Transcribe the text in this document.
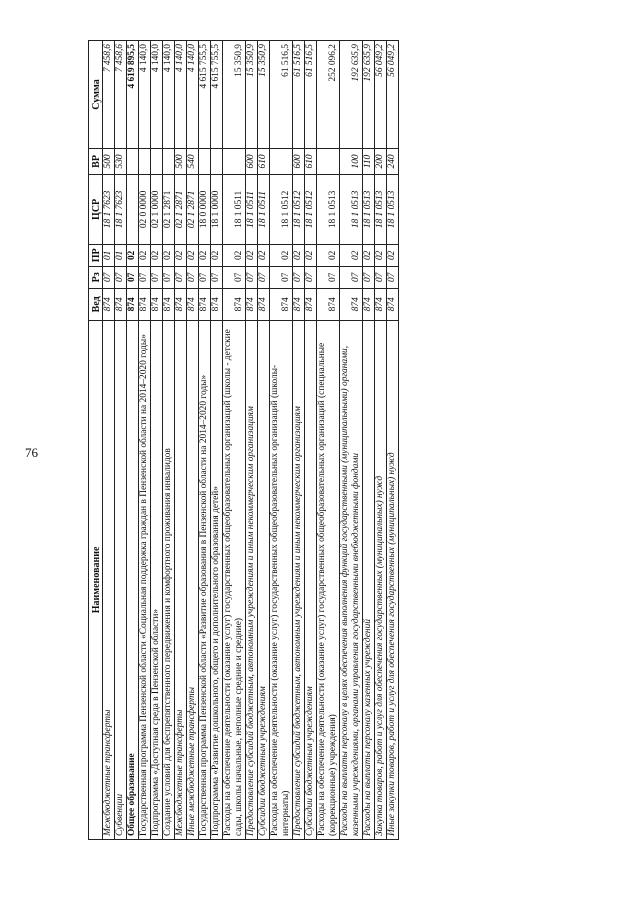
76
Наименование	Вед	Рз	ПР	ЦСР	ВР	Сумма
Межбюджетные трансферты	874	07	01	18 1 7623	500	7 458,6
Субвенции	874	07	01	18 1 7623	530	7 458,6
Общее образование	874	07	02			4 619 895,5
Государственная программа Пензенской области «Социальная поддержка граждан в Пензенской области на 2014–2020 годы»	874	07	02	02 0 0000		4 140,0
Подпрограмма «Доступная среда в Пензенской области»	874	07	02	02 1 0000		4 140,0
Создание условий для беспрепятственного передвижения и комфортного проживания инвалидов	874	07	02	02 1 2871		4 140,0
Межбюджетные трансферты	874	07	02	02 1 2871	500	4 140,0
Иные межбюджетные трансферты	874	07	02	02 1 2871	540	4 140,0
Государственная программа Пензенской области «Развитие образования в Пензенской области на 2014–2020 годы»	874	07	02	18 0 0000		4 615 755,5
Подпрограмма «Развитие дошкольного, общего и дополнительного образования детей»	874	07	02	18 1 0000		4 615 755,5
Расходы на обеспечение деятельности (оказание услуг) государственных общеобразовательных организаций (школы - детские сады, школы начальные, неполные средние и средние)	874	07	02	18 1 0511		15 350,9
Предоставление субсидий бюджетным, автономным учреждениям и иным некоммерческим организациям	874	07	02	18 1 0511	600	15 350,9
Субсидии бюджетным учреждениям	874	07	02	18 1 0511	610	15 350,9
Расходы на обеспечение деятельности (оказание услуг) государственных общеобразовательных организаций (школы-интернаты)	874	07	02	18 1 0512		61 516,5
Предоставление субсидий бюджетным, автономным учреждениям и иным некоммерческим организациям	874	07	02	18 1 0512	600	61 516,5
Субсидии бюджетным учреждениям	874	07	02	18 1 0512	610	61 516,5
Расходы на обеспечение деятельности (оказание услуг) государственных общеобразовательных организаций (специальные (коррекционные) учреждения)	874	07	02	18 1 0513		252 096,2
Расходы на выплаты персоналу в целях обеспечения выполнения функций государственными (муниципальными) органами, казенными учреждениями, органами управления государственными внебюджетными фондами	874	07	02	18 1 0513	100	192 635,9
Расходы на выплаты персоналу казенных учреждений	874	07	02	18 1 0513	110	192 635,9
Закупка товаров, работ и услуг для обеспечения государственных (муниципальных) нужд	874	07	02	18 1 0513	200	56 049,2
Иные закупки товаров, работ и услуг для обеспечения государственных (муниципальных) нужд	874	07	02	18 1 0513	240	56 049,2
